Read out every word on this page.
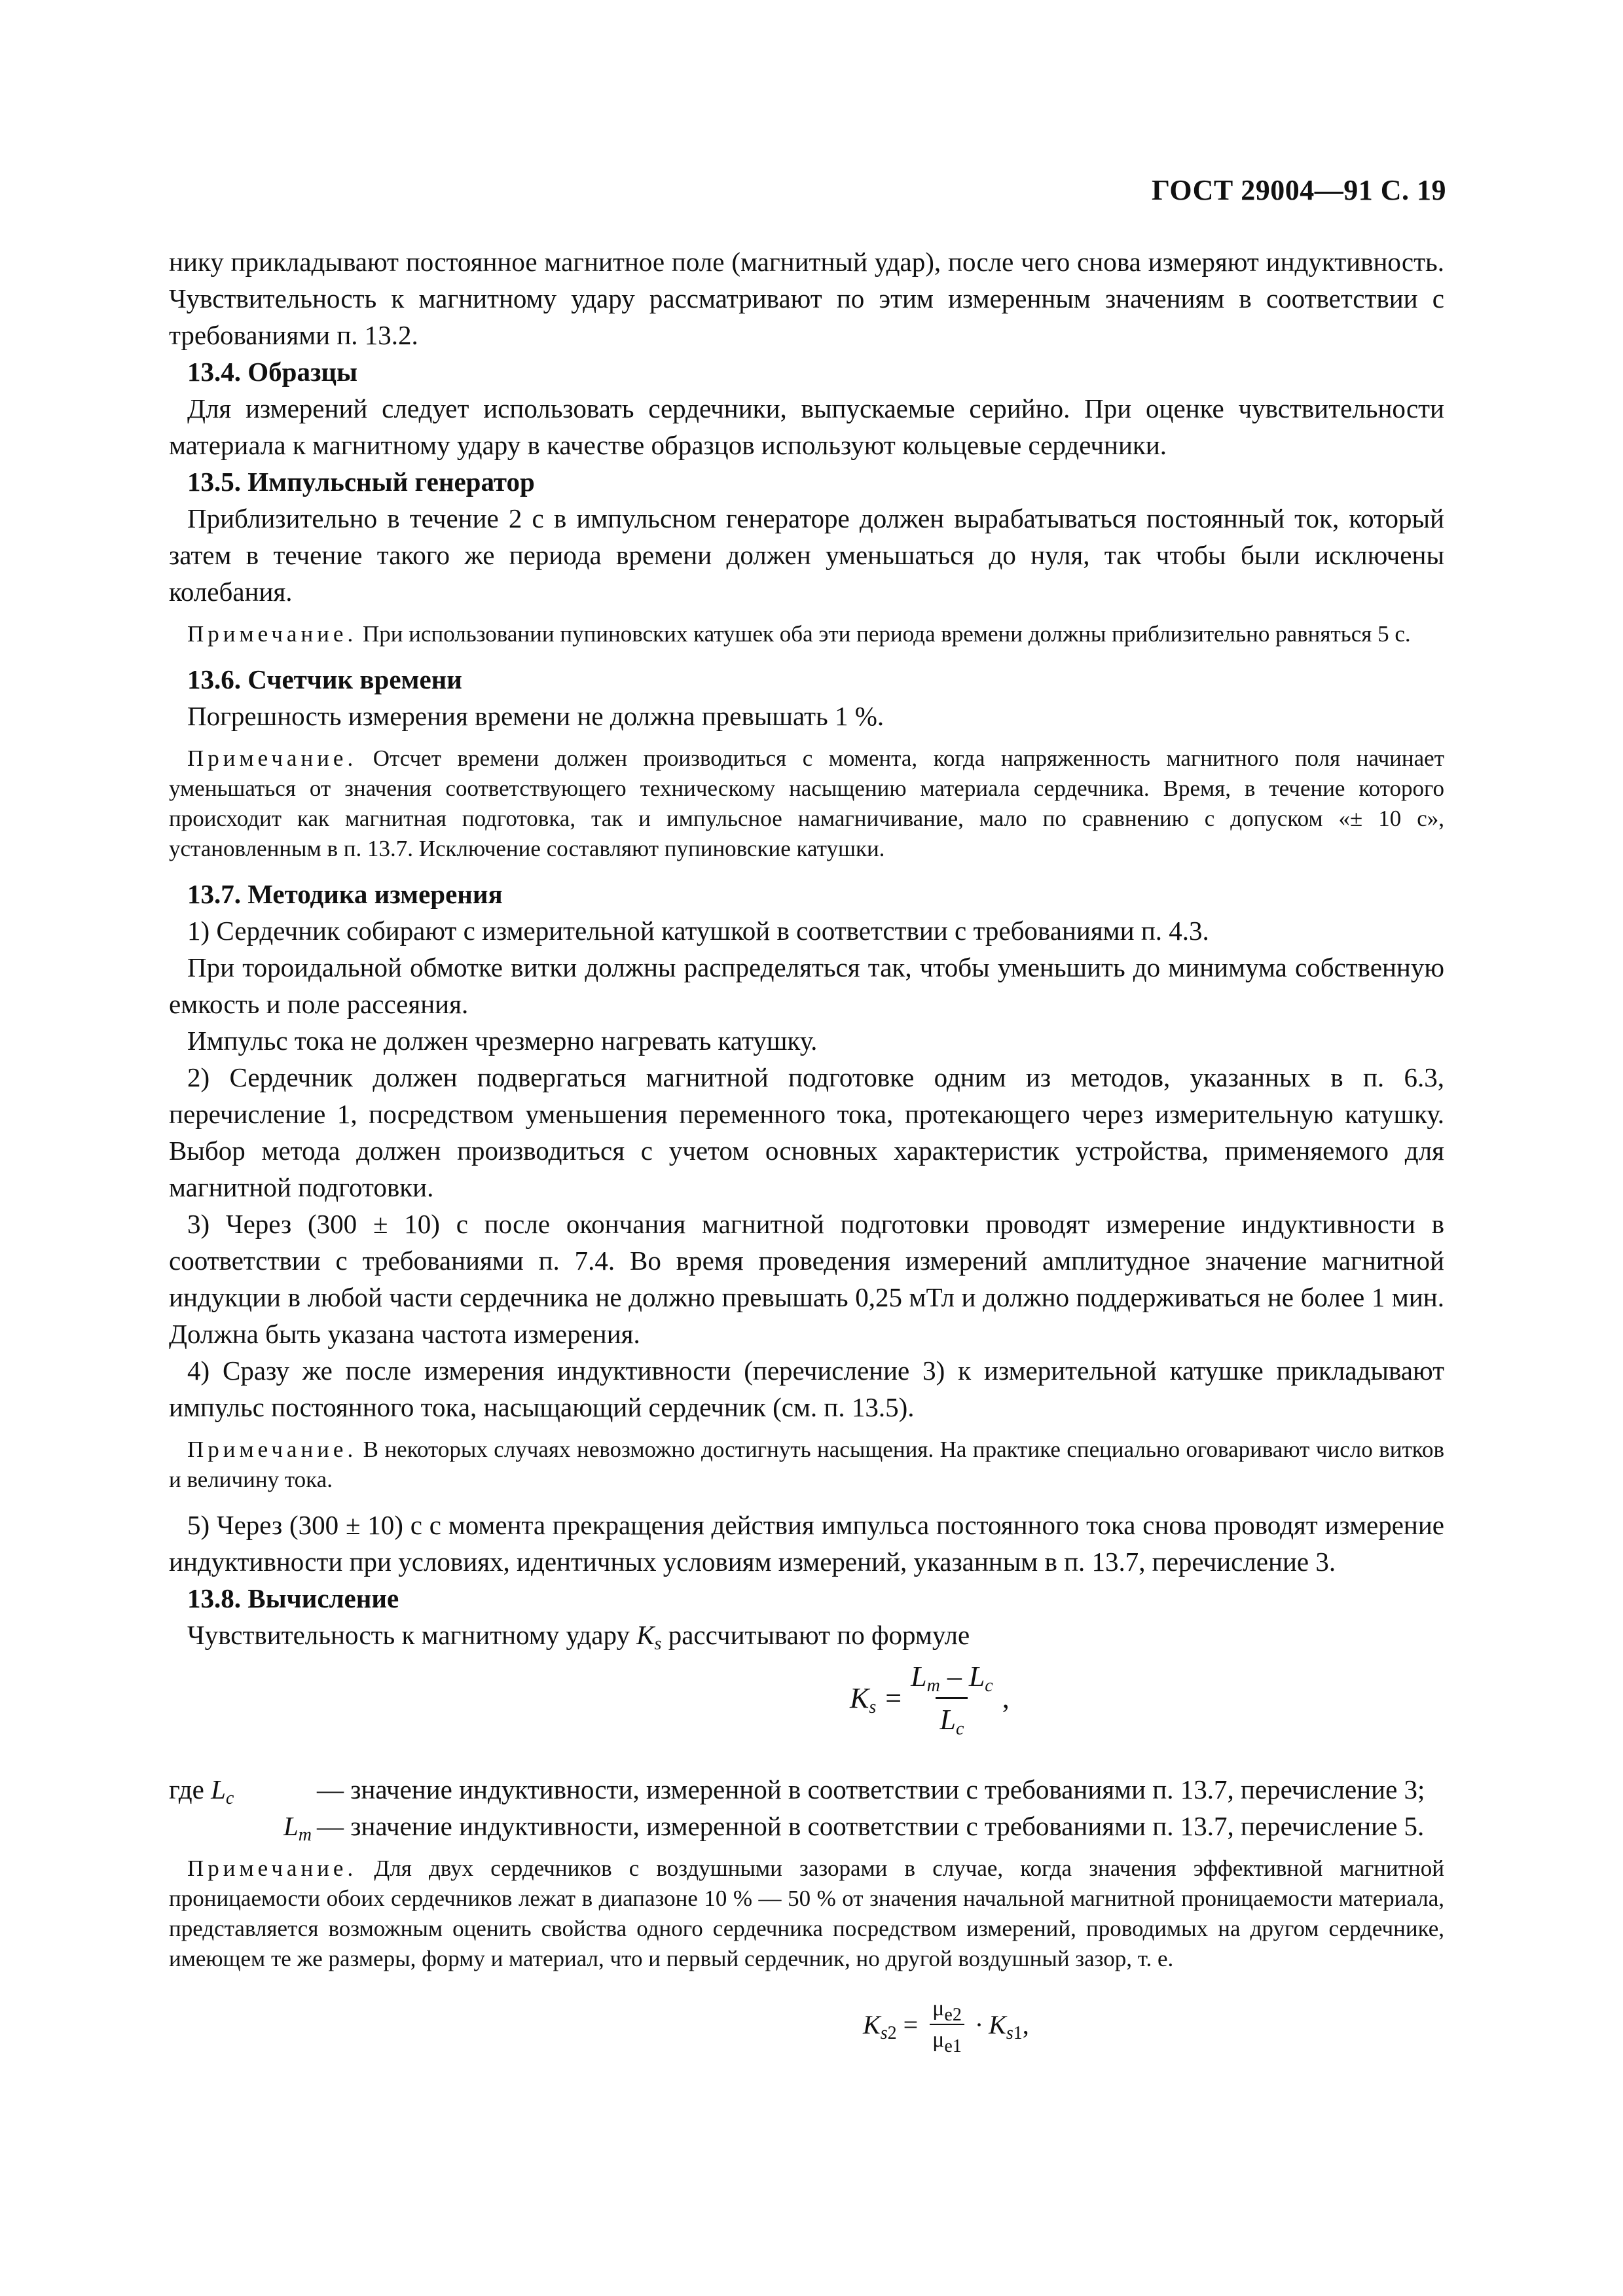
ГОСТ 29004—91 С. 19

нику прикладывают постоянное магнитное поле (магнитный удар), после чего снова измеряют индуктивность. Чувствительность к магнитному удару рассматривают по этим измеренным значениям в соответствии с требованиями п. 13.2.

13.4. Образцы

Для измерений следует использовать сердечники, выпускаемые серийно. При оценке чувствительности материала к магнитному удару в качестве образцов используют кольцевые сердечники.

13.5. Импульсный генератор

Приблизительно в течение 2 с в импульсном генераторе должен вырабатываться постоянный ток, который затем в течение такого же периода времени должен уменьшаться до нуля, так чтобы были исключены колебания.

Примечание. При использовании пупиновских катушек оба эти периода времени должны приблизительно равняться 5 с.

13.6. Счетчик времени

Погрешность измерения времени не должна превышать 1 %.

Примечание. Отсчет времени должен производиться с момента, когда напряженность магнитного поля начинает уменьшаться от значения соответствующего техническому насыщению материала сердечника. Время, в течение которого происходит как магнитная подготовка, так и импульсное намагничивание, мало по сравнению с допуском «± 10 с», установленным в п. 13.7. Исключение составляют пупиновские катушки.

13.7. Методика измерения

1) Сердечник собирают с измерительной катушкой в соответствии с требованиями п. 4.3.

При тороидальной обмотке витки должны распределяться так, чтобы уменьшить до минимума собственную емкость и поле рассеяния.

Импульс тока не должен чрезмерно нагревать катушку.

2) Сердечник должен подвергаться магнитной подготовке одним из методов, указанных в п. 6.3, перечисление 1, посредством уменьшения переменного тока, протекающего через измерительную катушку. Выбор метода должен производиться с учетом основных характеристик устройства, применяемого для магнитной подготовки.

3) Через (300 ± 10) с после окончания магнитной подготовки проводят измерение индуктивности в соответствии с требованиями п. 7.4. Во время проведения измерений амплитудное значение магнитной индукции в любой части сердечника не должно превышать 0,25 мТл и должно поддерживаться не более 1 мин. Должна быть указана частота измерения.

4) Сразу же после измерения индуктивности (перечисление 3) к измерительной катушке прикладывают импульс постоянного тока, насыщающий сердечник (см. п. 13.5).

Примечание. В некоторых случаях невозможно достигнуть насыщения. На практике специально оговаривают число витков и величину тока.

5) Через (300 ± 10) с с момента прекращения действия импульса постоянного тока снова проводят измерение индуктивности при условиях, идентичных условиям измерений, указанным в п. 13.7, перечисление 3.

13.8. Вычисление

Чувствительность к магнитному удару $K_s$ рассчитывают по формуле

$K_s = \frac{L_m - L_c}{L_c}$ ,
где $L_c$	— значение индуктивности, измеренной в соответствии с требованиями п. 13.7, перечисление 3;
$L_m$ — значение индуктивности, измеренной в соответствии с требованиями п. 13.7, перечисление 5.

Примечание. Для двух сердечников с воздушными зазорами в случае, когда значения эффективной магнитной проницаемости обоих сердечников лежат в диапазоне 10 % — 50 % от значения начальной магнитной проницаемости материала, представляется возможным оценить свойства одного сердечника посредством измерений, проводимых на другом сердечнике, имеющем те же размеры, форму и материал, что и первый сердечник, но другой воздушный зазор, т. е.

$K_{s2} = \frac{\mu_{e2}}{\mu_{e1}} \cdot K_{s1}$ ,
